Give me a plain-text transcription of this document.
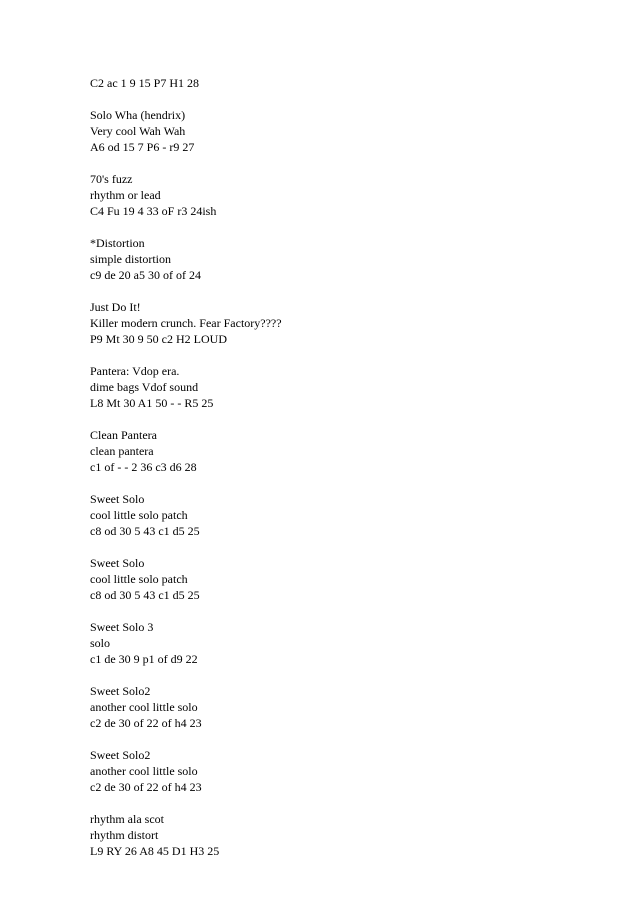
C2 ac 1 9 15 P7 H1 28
Solo Wha (hendrix)
Very cool Wah Wah
A6 od 15 7 P6 - r9 27
70's fuzz
rhythm or lead
C4 Fu 19 4 33 oF r3 24ish
*Distortion
simple distortion
c9 de 20 a5 30 of of 24
Just Do It!
Killer modern crunch. Fear Factory????
P9 Mt 30 9 50 c2 H2 LOUD
Pantera: Vdop era.
dime bags Vdof sound
L8 Mt 30 A1 50 - - R5 25
Clean Pantera
clean pantera
c1 of - - 2 36 c3 d6 28
Sweet Solo
cool little solo patch
c8 od 30 5 43 c1 d5 25
Sweet Solo
cool little solo patch
c8 od 30 5 43 c1 d5 25
Sweet Solo 3
solo
c1 de 30 9 p1 of d9 22
Sweet Solo2
another cool little solo
c2 de 30 of 22 of h4 23
Sweet Solo2
another cool little solo
c2 de 30 of 22 of h4 23
rhythm ala scot
rhythm distort
L9 RY 26 A8 45 D1 H3 25
